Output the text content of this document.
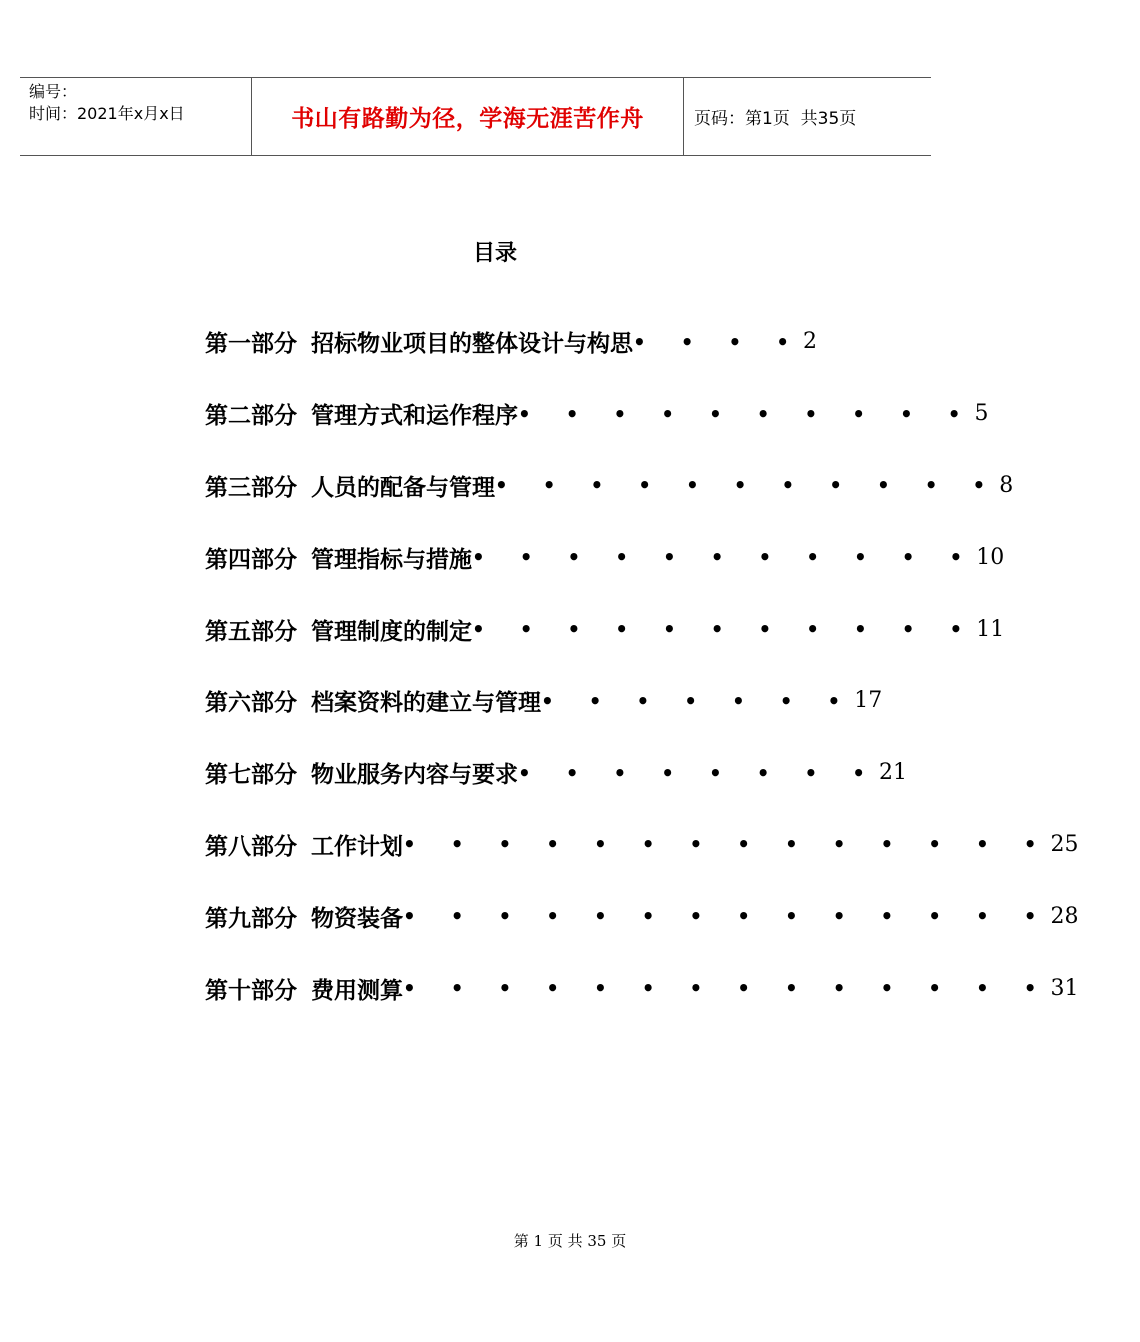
编号：
时间：2021年x月x日	书山有路勤为径，学海无涯苦作舟	页码：第1页  共35页
目录
第一部分 招标物业项目的整体设计与构思 • • • • 2
第二部分 管理方式和运作程序 • • • • • • • • • • 5
第三部分 人员的配备与管理 • • • • • • • • • • • 8
第四部分 管理指标与措施 • • • • • • • • • • • 10
第五部分 管理制度的制定 • • • • • • • • • • • 11
第六部分 档案资料的建立与管理 • • • • • • • 17
第七部分 物业服务内容与要求 • • • • • • • • 21
第八部分 工作计划 • • • • • • • • • • • • • • 25
第九部分 物资装备 • • • • • • • • • • • • • • 28
第十部分 费用测算 • • • • • • • • • • • • • • 31
第 1 页 共 35 页
